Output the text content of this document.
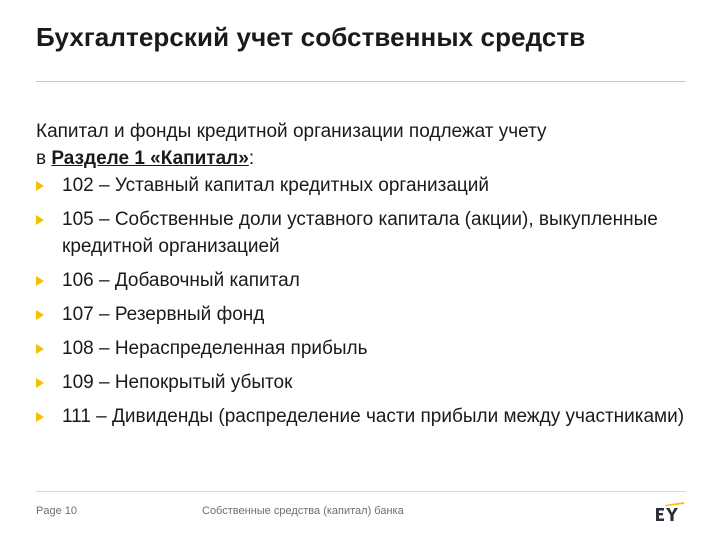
Бухгалтерский учет собственных средств
Капитал и фонды кредитной организации подлежат учету
в Разделе 1 «Капитал»:
102 – Уставный капитал кредитных организаций
105 – Собственные доли уставного капитала (акции), выкупленные кредитной организацией
106 – Добавочный капитал
107 – Резервный фонд
108 – Нераспределенная прибыль
109 – Непокрытый убыток
111 – Дивиденды (распределение части прибыли между участниками)
Page 10	Собственные средства (капитал) банка
